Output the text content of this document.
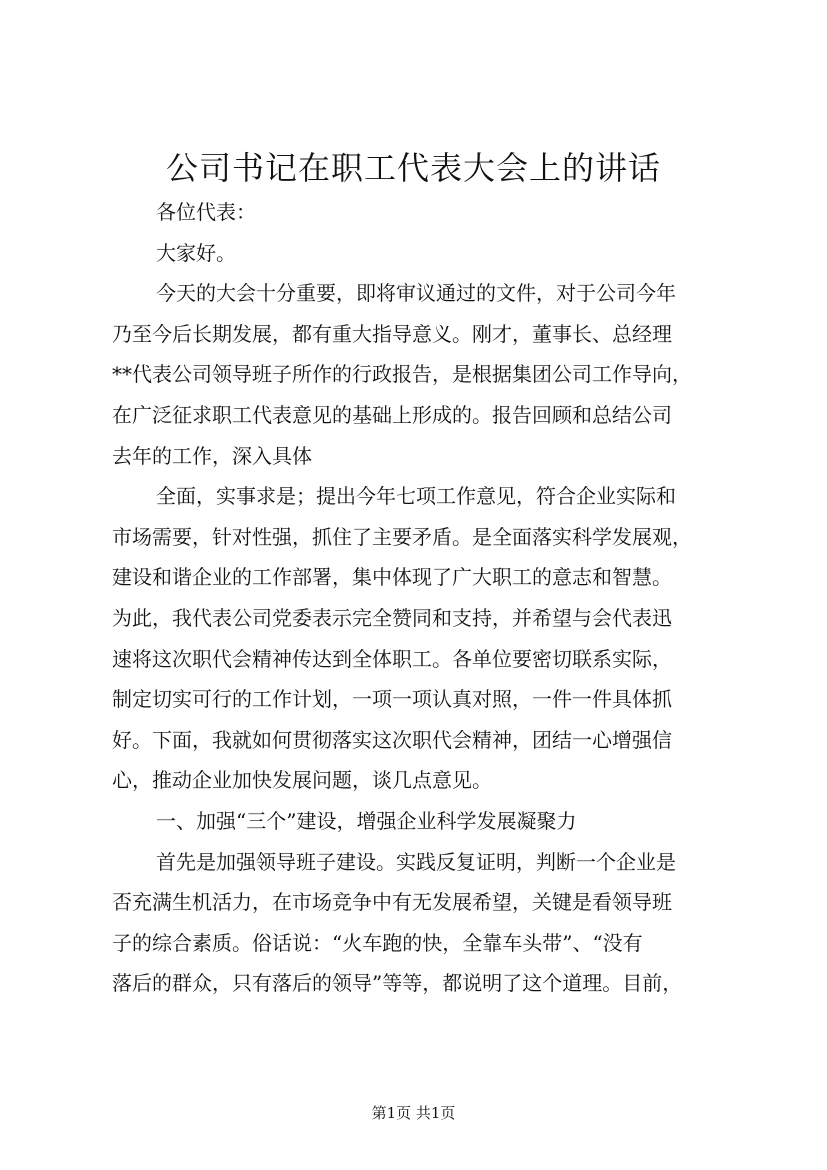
公司书记在职工代表大会上的讲话
各位代表：
大家好。
今天的大会十分重要，即将审议通过的文件，对于公司今年
乃至今后长期发展，都有重大指导意义。刚才，董事长、总经理
**代表公司领导班子所作的行政报告，是根据集团公司工作导向，
在广泛征求职工代表意见的基础上形成的。报告回顾和总结公司
去年的工作，深入具体
全面，实事求是；提出今年七项工作意见，符合企业实际和
市场需要，针对性强，抓住了主要矛盾。是全面落实科学发展观，
建设和谐企业的工作部署，集中体现了广大职工的意志和智慧。
为此，我代表公司党委表示完全赞同和支持，并希望与会代表迅
速将这次职代会精神传达到全体职工。各单位要密切联系实际，
制定切实可行的工作计划，一项一项认真对照，一件一件具体抓
好。下面，我就如何贯彻落实这次职代会精神，团结一心增强信
心，推动企业加快发展问题，谈几点意见。
一、加强“三个”建设，增强企业科学发展凝聚力
首先是加强领导班子建设。实践反复证明，判断一个企业是
否充满生机活力，在市场竞争中有无发展希望，关键是看领导班
子的综合素质。俗话说：“火车跑的快，全靠车头带”、“没有
落后的群众，只有落后的领导”等等，都说明了这个道理。目前，
第1页 共1页
